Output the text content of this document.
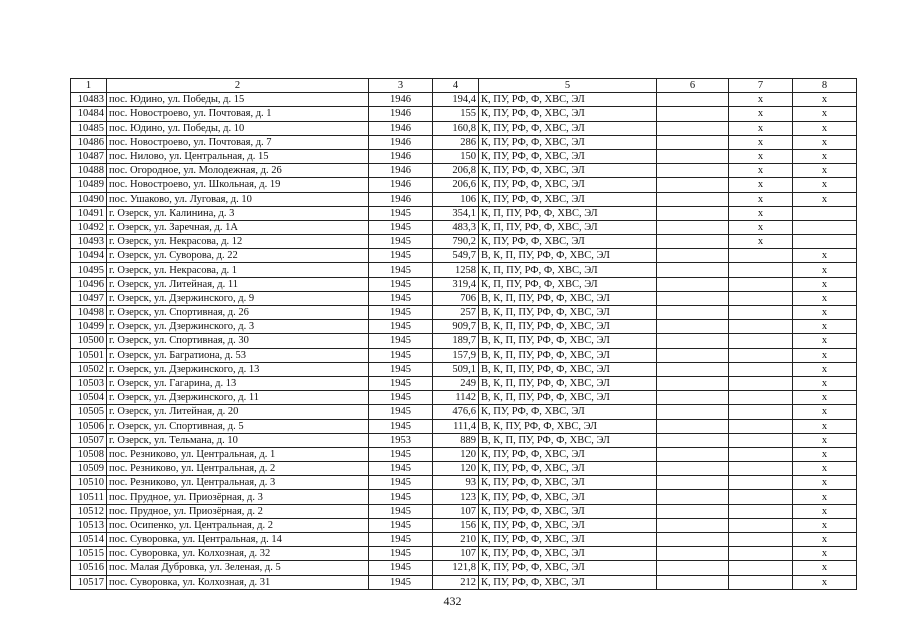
1	2	3	4	5	6	7	8
10483	пос. Юдино, ул. Победы, д. 15	1946	194,4	К, ПУ, РФ, Ф, ХВС, ЭЛ		x	x
10484	пос. Новостроево, ул. Почтовая, д. 1	1946	155	К, ПУ, РФ, Ф, ХВС, ЭЛ		x	x
10485	пос. Юдино, ул. Победы, д. 10	1946	160,8	К, ПУ, РФ, Ф, ХВС, ЭЛ		x	x
10486	пос. Новостроево, ул. Почтовая, д. 7	1946	286	К, ПУ, РФ, Ф, ХВС, ЭЛ		x	x
10487	пос. Нилово, ул. Центральная, д. 15	1946	150	К, ПУ, РФ, Ф, ХВС, ЭЛ		x	x
10488	пос. Огородное, ул. Молодежная, д. 26	1946	206,8	К, ПУ, РФ, Ф, ХВС, ЭЛ		x	x
10489	пос. Новостроево, ул. Школьная, д. 19	1946	206,6	К, ПУ, РФ, Ф, ХВС, ЭЛ		x	x
10490	пос. Ушаково, ул. Луговая, д. 10	1946	106	К, ПУ, РФ, Ф, ХВС, ЭЛ		x	x
10491	г. Озерск, ул. Калинина, д. 3	1945	354,1	К, П, ПУ, РФ, Ф, ХВС, ЭЛ		x	
10492	г. Озерск, ул. Заречная, д. 1А	1945	483,3	К, П, ПУ, РФ, Ф, ХВС, ЭЛ		x	
10493	г. Озерск, ул. Некрасова, д. 12	1945	790,2	К, ПУ, РФ, Ф, ХВС, ЭЛ		x	
10494	г. Озерск, ул. Суворова, д. 22	1945	549,7	В, К, П, ПУ, РФ, Ф, ХВС, ЭЛ			x
10495	г. Озерск, ул. Некрасова, д. 1	1945	1258	К, П, ПУ, РФ, Ф, ХВС, ЭЛ			x
10496	г. Озерск, ул. Литейная, д. 11	1945	319,4	К, П, ПУ, РФ, Ф, ХВС, ЭЛ			x
10497	г. Озерск, ул. Дзержинского, д. 9	1945	706	В, К, П, ПУ, РФ, Ф, ХВС, ЭЛ			x
10498	г. Озерск, ул. Спортивная, д. 26	1945	257	В, К, П, ПУ, РФ, Ф, ХВС, ЭЛ			x
10499	г. Озерск, ул. Дзержинского, д. 3	1945	909,7	В, К, П, ПУ, РФ, Ф, ХВС, ЭЛ			x
10500	г. Озерск, ул. Спортивная, д. 30	1945	189,7	В, К, П, ПУ, РФ, Ф, ХВС, ЭЛ			x
10501	г. Озерск, ул. Багратиона, д. 53	1945	157,9	В, К, П, ПУ, РФ, Ф, ХВС, ЭЛ			x
10502	г. Озерск, ул. Дзержинского, д. 13	1945	509,1	В, К, П, ПУ, РФ, Ф, ХВС, ЭЛ			x
10503	г. Озерск, ул. Гагарина, д. 13	1945	249	В, К, П, ПУ, РФ, Ф, ХВС, ЭЛ			x
10504	г. Озерск, ул. Дзержинского, д. 11	1945	1142	В, К, П, ПУ, РФ, Ф, ХВС, ЭЛ			x
10505	г. Озерск, ул. Литейная, д. 20	1945	476,6	К, ПУ, РФ, Ф, ХВС, ЭЛ			x
10506	г. Озерск, ул. Спортивная, д. 5	1945	111,4	В, К, ПУ, РФ, Ф, ХВС, ЭЛ			x
10507	г. Озерск, ул. Тельмана, д. 10	1953	889	В, К, П, ПУ, РФ, Ф, ХВС, ЭЛ			x
10508	пос. Резниково, ул. Центральная, д. 1	1945	120	К, ПУ, РФ, Ф, ХВС, ЭЛ			x
10509	пос. Резниково, ул. Центральная, д. 2	1945	120	К, ПУ, РФ, Ф, ХВС, ЭЛ			x
10510	пос. Резниково, ул. Центральная, д. 3	1945	93	К, ПУ, РФ, Ф, ХВС, ЭЛ			x
10511	пос. Прудное, ул. Приозёрная, д. 3	1945	123	К, ПУ, РФ, Ф, ХВС, ЭЛ			x
10512	пос. Прудное, ул. Приозёрная, д. 2	1945	107	К, ПУ, РФ, Ф, ХВС, ЭЛ			x
10513	пос. Осипенко, ул. Центральная, д. 2	1945	156	К, ПУ, РФ, Ф, ХВС, ЭЛ			x
10514	пос. Суворовка, ул. Центральная, д. 14	1945	210	К, ПУ, РФ, Ф, ХВС, ЭЛ			x
10515	пос. Суворовка, ул. Колхозная, д. 32	1945	107	К, ПУ, РФ, Ф, ХВС, ЭЛ			x
10516	пос. Малая Дубровка, ул. Зеленая, д. 5	1945	121,8	К, ПУ, РФ, Ф, ХВС, ЭЛ			x
10517	пос. Суворовка, ул. Колхозная, д. 31	1945	212	К, ПУ, РФ, Ф, ХВС, ЭЛ			x
432
